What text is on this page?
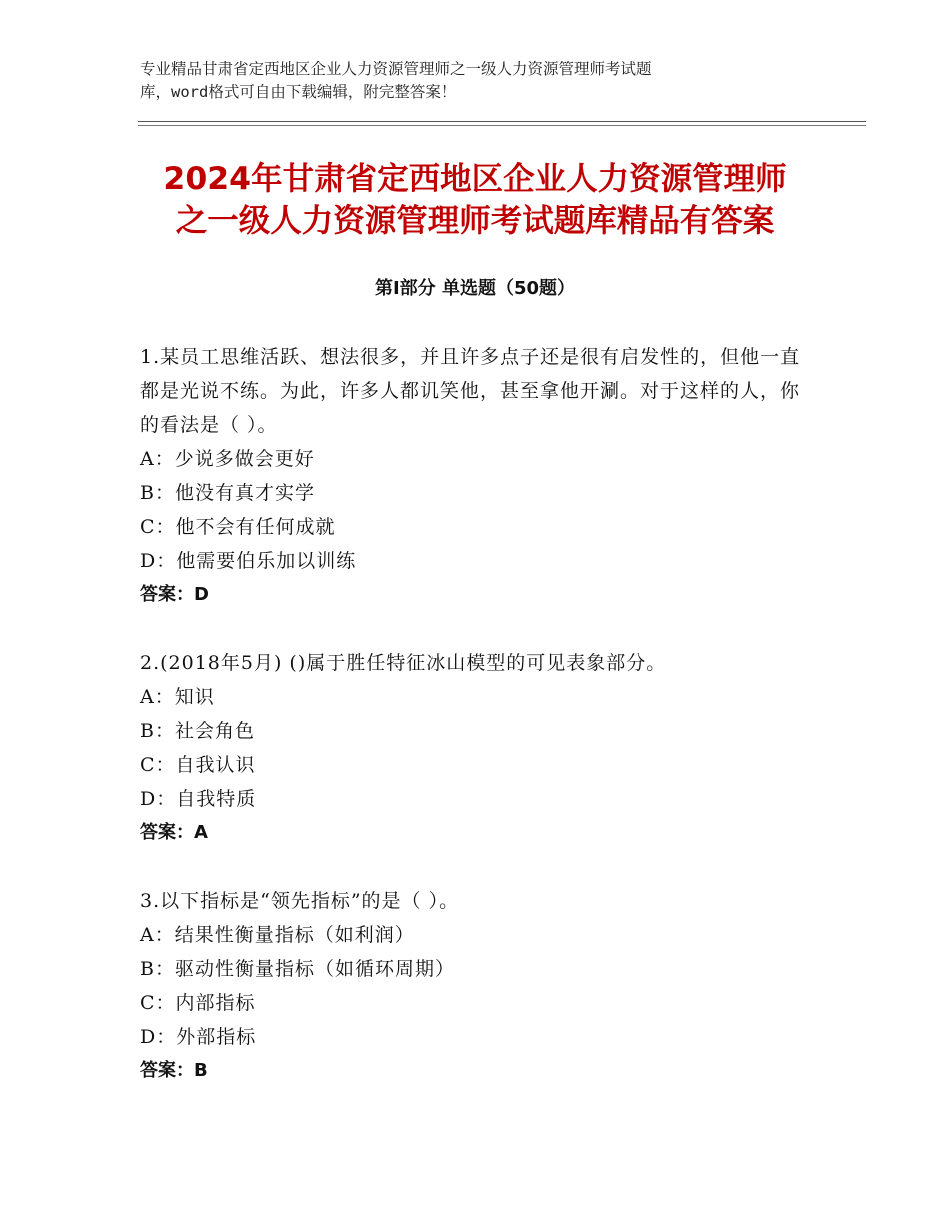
专业精品甘肃省定西地区企业人力资源管理师之一级人力资源管理师考试题
库，word格式可自由下载编辑，附完整答案！
2024年甘肃省定西地区企业人力资源管理师
之一级人力资源管理师考试题库精品有答案
第Ⅰ部分 单选题（50题）
1.某员工思维活跃、想法很多，并且许多点子还是很有启发性的，但他一直都是光说不练。为此，许多人都讥笑他，甚至拿他开涮。对于这样的人，你的看法是（ ）。
A：少说多做会更好
B：他没有真才实学
C：他不会有任何成就
D：他需要伯乐加以训练
答案：D
2.(2018年5月) ()属于胜任特征冰山模型的可见表象部分。
A：知识
B：社会角色
C：自我认识
D：自我特质
答案：A
3.以下指标是“领先指标”的是（ ）。
A：结果性衡量指标（如利润）
B：驱动性衡量指标（如循环周期）
C：内部指标
D：外部指标
答案：B
